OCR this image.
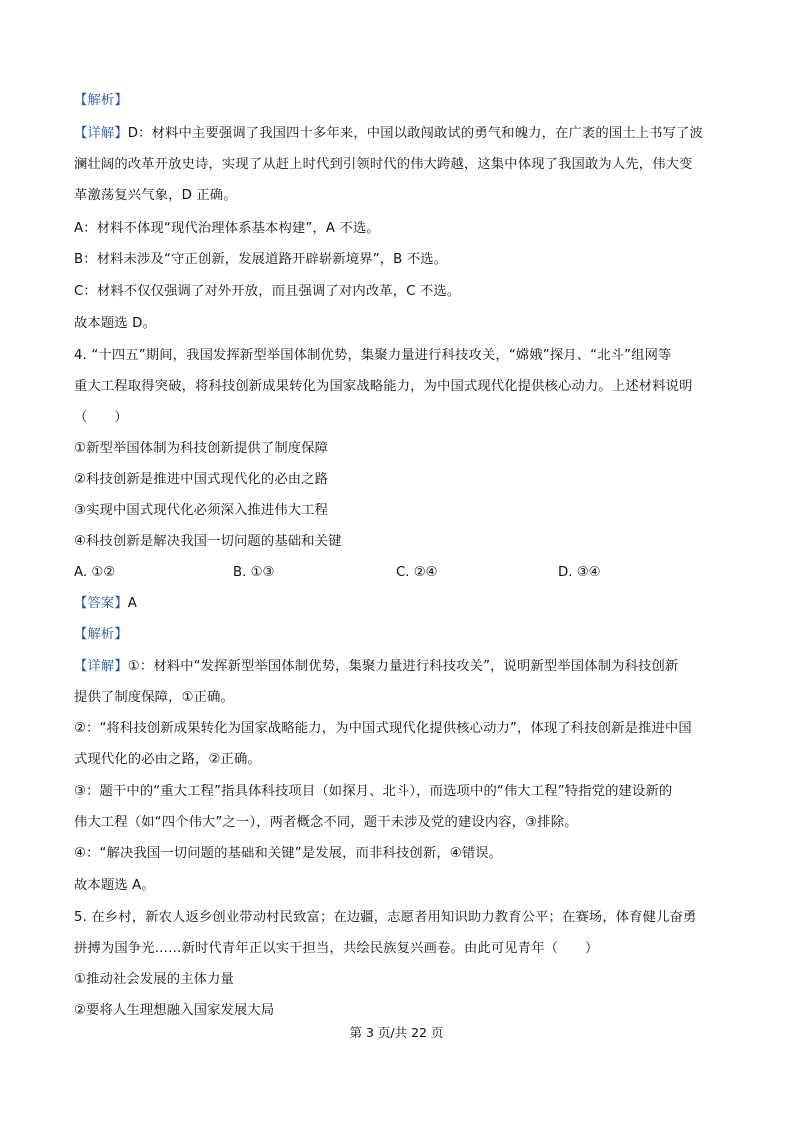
【解析】
【详解】D：材料中主要强调了我国四十多年来，中国以敢闯敢试的勇气和魄力，在广袤的国土上书写了波
澜壮阔的改革开放史诗，实现了从赶上时代到引领时代的伟大跨越，这集中体现了我国敢为人先，伟大变
革激荡复兴气象，D 正确。
A：材料不体现“现代治理体系基本构建”，A 不选。
B：材料未涉及“守正创新，发展道路开辟崭新境界”，B 不选。
C：材料不仅仅强调了对外开放，而且强调了对内改革，C 不选。
故本题选 D。
4. “十四五”期间，我国发挥新型举国体制优势，集聚力量进行科技攻关，“嫦娥”探月、“北斗”组网等
重大工程取得突破，将科技创新成果转化为国家战略能力，为中国式现代化提供核心动力。上述材料说明
（　　）
①新型举国体制为科技创新提供了制度保障
②科技创新是推进中国式现代化的必由之路
③实现中国式现代化必须深入推进伟大工程
④科技创新是解决我国一切问题的基础和关键
A. ①②	B. ①③	C. ②④	D. ③④
【答案】A
【解析】
【详解】①：材料中“发挥新型举国体制优势，集聚力量进行科技攻关”，说明新型举国体制为科技创新
提供了制度保障，①正确。
②：“将科技创新成果转化为国家战略能力，为中国式现代化提供核心动力”，体现了科技创新是推进中国
式现代化的必由之路，②正确。
③：题干中的“重大工程”指具体科技项目（如探月、北斗），而选项中的“伟大工程”特指党的建设新的
伟大工程（如“四个伟大”之一），两者概念不同，题干未涉及党的建设内容，③排除。
④：“解决我国一切问题的基础和关键”是发展，而非科技创新，④错误。
故本题选 A。
5. 在乡村，新农人返乡创业带动村民致富；在边疆，志愿者用知识助力教育公平；在赛场，体育健儿奋勇
拼搏为国争光……新时代青年正以实干担当，共绘民族复兴画卷。由此可见青年（　　）
①推动社会发展的主体力量
②要将人生理想融入国家发展大局
第 3 页/共 22 页
